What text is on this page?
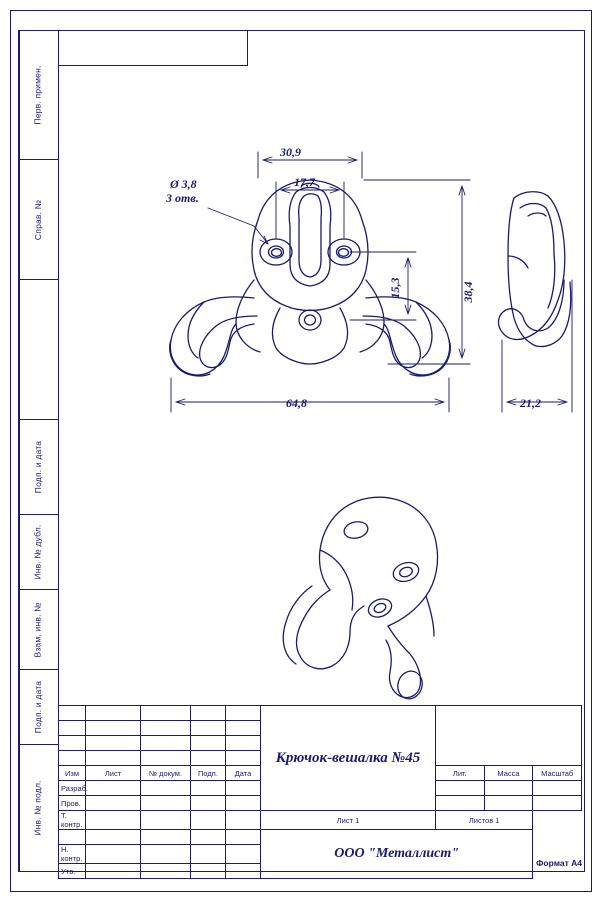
Перв. примен.
Справ. №
Подп. и дата
Инв. № дубл.
Взам. инв. №
Подп. и дата
Инв. № подл.
30,9
17,7
64,8
38,4
15,3
21,2
Ø 3,8
3 отв.
					Крючок-вешалка №45			

Изм	Лист	№ докум.	Подп.	Дата		Лит.	Масса	Масштаб
Разраб.								
Пров.								
Т. контр.					Лист 1	Листов 1		
					ООО "Металлист"			
Н. контр.								
Утв.								
Формат А4
